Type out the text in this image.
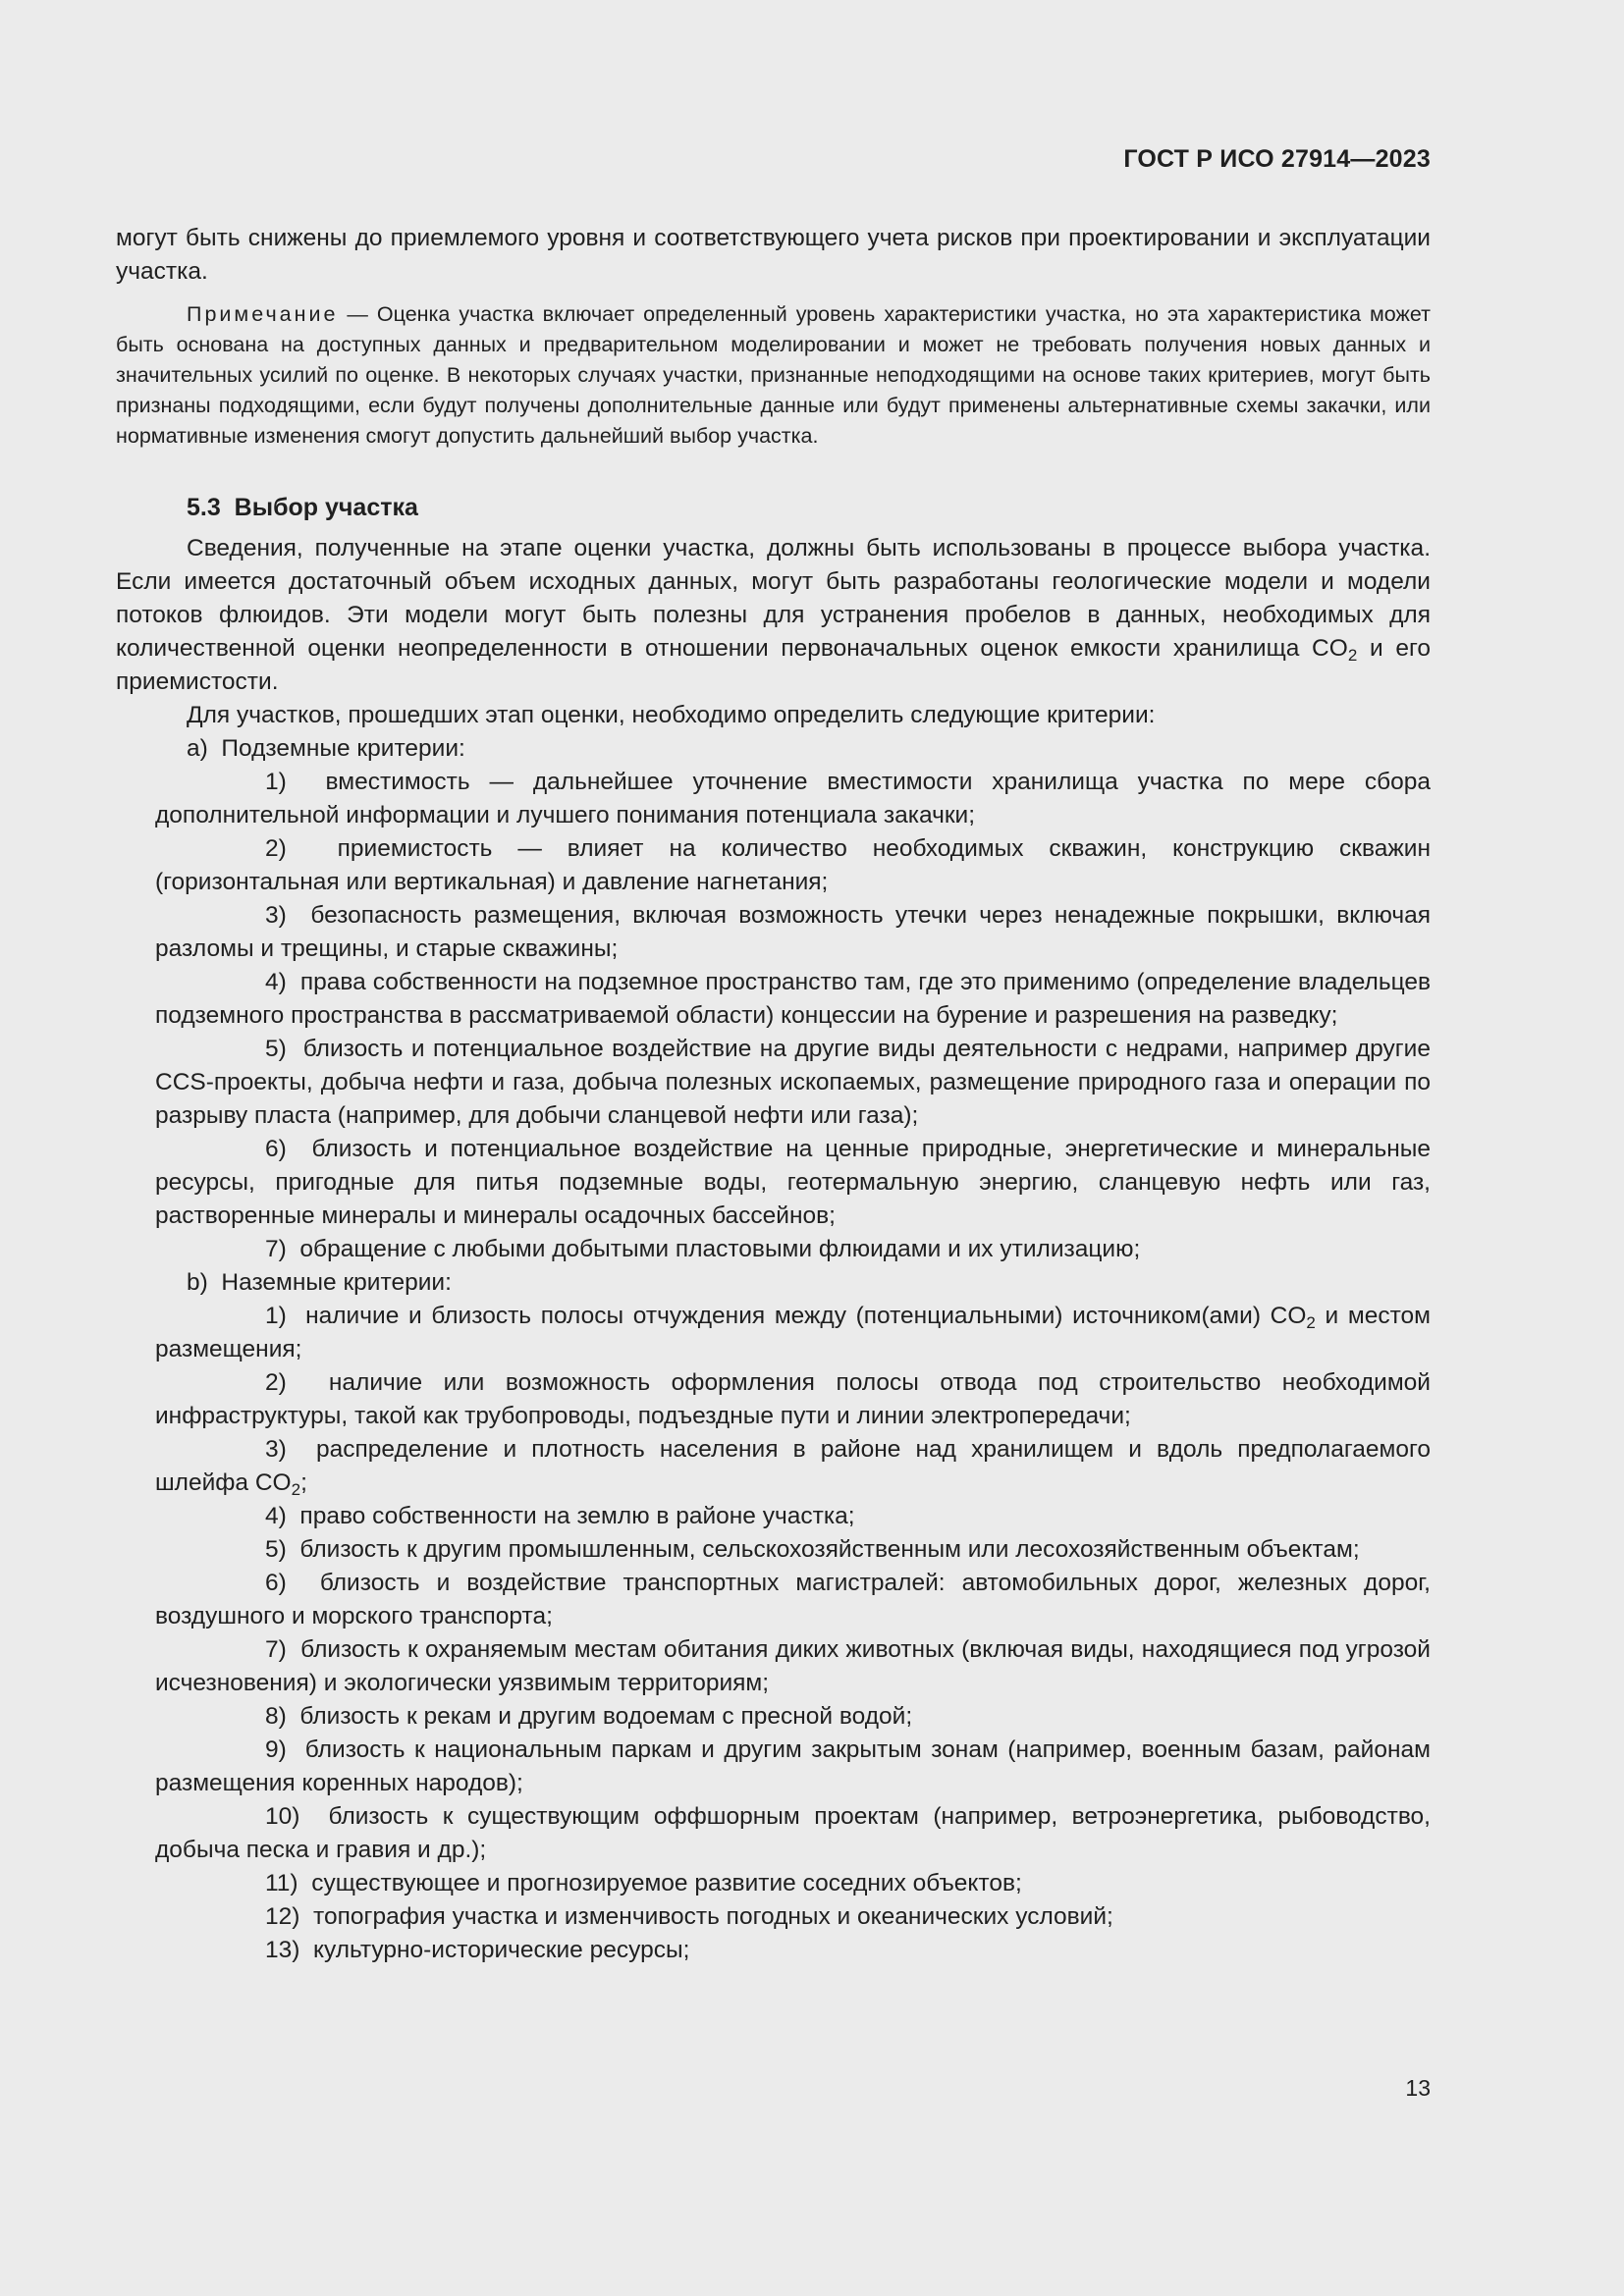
ГОСТ Р ИСО 27914—2023

могут быть снижены до приемлемого уровня и соответствующего учета рисков при проектировании и эксплуатации участка.

Примечание — Оценка участка включает определенный уровень характеристики участка, но эта характеристика может быть основана на доступных данных и предварительном моделировании и может не требовать получения новых данных и значительных усилий по оценке. В некоторых случаях участки, признанные неподходящими на основе таких критериев, могут быть признаны подходящими, если будут получены дополнительные данные или будут применены альтернативные схемы закачки, или нормативные изменения смогут допустить дальнейший выбор участка.

5.3 Выбор участка

Сведения, полученные на этапе оценки участка, должны быть использованы в процессе выбора участка. Если имеется достаточный объем исходных данных, могут быть разработаны геологические модели и модели потоков флюидов. Эти модели могут быть полезны для устранения пробелов в данных, необходимых для количественной оценки неопределенности в отношении первоначальных оценок емкости хранилища $CO_2$ и его приемистости.

Для участков, прошедших этап оценки, необходимо определить следующие критерии:

a) Подземные критерии:

1) вместимость — дальнейшее уточнение вместимости хранилища участка по мере сбора дополнительной информации и лучшего понимания потенциала закачки;

2) приемистость — влияет на количество необходимых скважин, конструкцию скважин (горизонтальная или вертикальная) и давление нагнетания;

3) безопасность размещения, включая возможность утечки через ненадежные покрышки, включая разломы и трещины, и старые скважины;

4) права собственности на подземное пространство там, где это применимо (определение владельцев подземного пространства в рассматриваемой области) концессии на бурение и разрешения на разведку;

5) близость и потенциальное воздействие на другие виды деятельности с недрами, например другие CCS-проекты, добыча нефти и газа, добыча полезных ископаемых, размещение природного газа и операции по разрыву пласта (например, для добычи сланцевой нефти или газа);

6) близость и потенциальное воздействие на ценные природные, энергетические и минеральные ресурсы, пригодные для питья подземные воды, геотермальную энергию, сланцевую нефть или газ, растворенные минералы и минералы осадочных бассейнов;

7) обращение с любыми добытыми пластовыми флюидами и их утилизацию;

b) Наземные критерии:

1) наличие и близость полосы отчуждения между (потенциальными) источником(ами) $CO_2$ и местом размещения;

2) наличие или возможность оформления полосы отвода под строительство необходимой инфраструктуры, такой как трубопроводы, подъездные пути и линии электропередачи;

3) распределение и плотность населения в районе над хранилищем и вдоль предполагаемого шлейфа $CO_2$;

4) право собственности на землю в районе участка;

5) близость к другим промышленным, сельскохозяйственным или лесохозяйственным объектам;

6) близость и воздействие транспортных магистралей: автомобильных дорог, железных дорог, воздушного и морского транспорта;

7) близость к охраняемым местам обитания диких животных (включая виды, находящиеся под угрозой исчезновения) и экологически уязвимым территориям;

8) близость к рекам и другим водоемам с пресной водой;

9) близость к национальным паркам и другим закрытым зонам (например, военным базам, районам размещения коренных народов);

10) близость к существующим оффшорным проектам (например, ветроэнергетика, рыбоводство, добыча песка и гравия и др.);

11) существующее и прогнозируемое развитие соседних объектов;

12) топография участка и изменчивость погодных и океанических условий;

13) культурно-исторические ресурсы;

13
